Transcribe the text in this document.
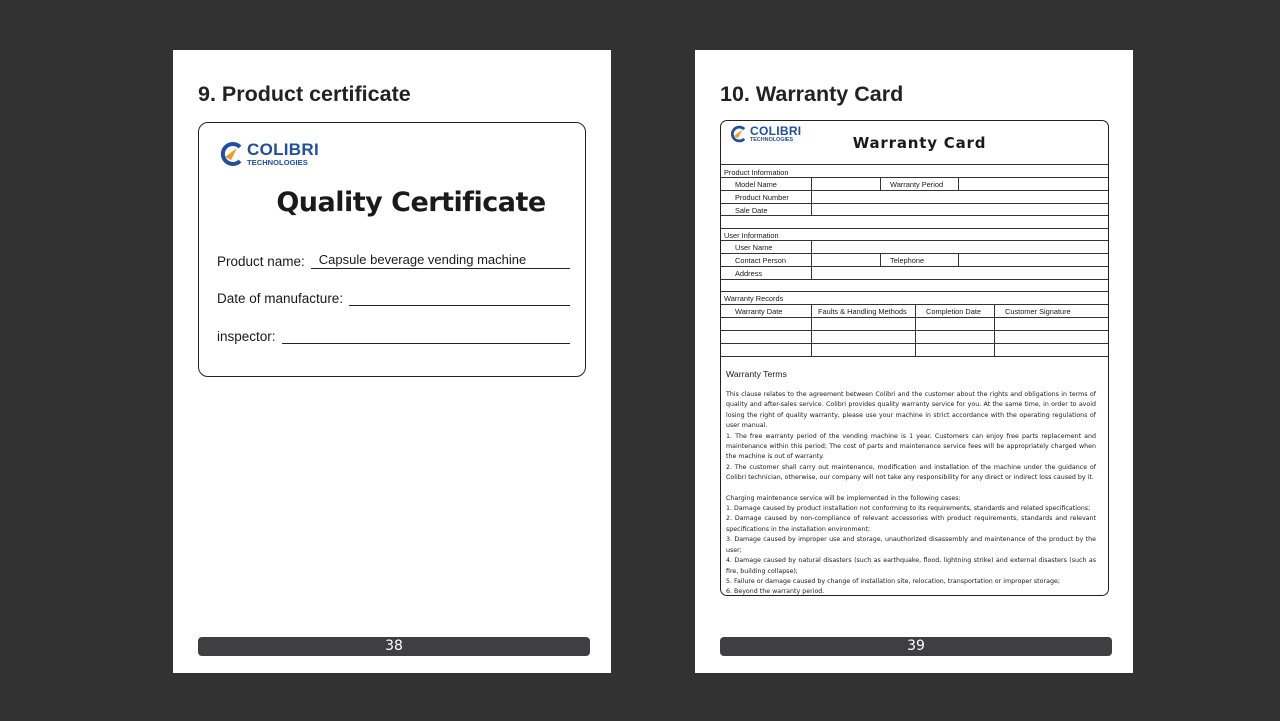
9. Product certificate
COLIBRI
TECHNOLOGIES
Quality Certificate
Product name:	Capsule beverage vending machine
Date of manufacture:
inspector:
38
10. Warranty Card
COLIBRI
TECHNOLOGIES	Warranty Card
Product Information
Model Name	Warranty Period
Product Number
Sale Date
User Information
User Name
Contact Person	Telephone
Address
Warranty Records
Warranty Date	Faults & Handling Methods	Completion Date	Customer Signature
Warranty Terms

This clause relates to the agreement between Colibri and the customer about the rights and obligations in terms of quality and after-sales service. Colibri provides quality warranty service for you. At the same time, in order to avoid losing the right of quality warranty, please use your machine in strict accordance with the operating regulations of user manual.

1. The free warranty period of the vending machine is 1 year. Customers can enjoy free parts replacement and maintenance within this period; The cost of parts and maintenance service fees will be appropriately charged when the machine is out of warranty.

2. The customer shall carry out maintenance, modification and installation of the machine under the guidance of Colibri technician, otherwise, our company will not take any responsibility for any direct or indirect loss caused by it.

Charging maintenance service will be implemented in the following cases:

1. Damage caused by product installation not conforming to its requirements, standards and related specifications;

2. Damage caused by non-compliance of relevant accessories with product requirements, standards and relevant specifications in the installation environment;

3. Damage caused by improper use and storage, unauthorized disassembly and maintenance of the product by the user;

4. Damage caused by natural disasters (such as earthquake, flood, lightning strike) and external disasters (such as fire, building collapse);

5. Failure or damage caused by change of installation site, relocation, transportation or improper storage;

6. Beyond the warranty period.

39
